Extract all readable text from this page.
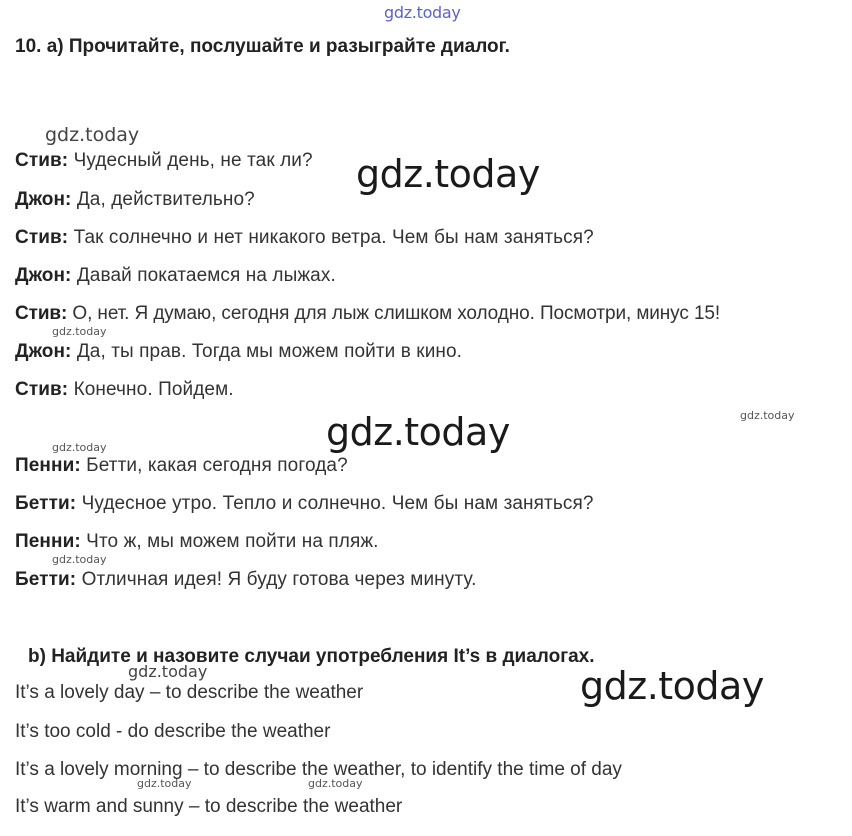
gdz.today
gdz.today
gdz.today
gdz.today
gdz.today	gdz.today
gdz.today
gdz.today
gdz.today	gdz.today
gdz.today	gdz.today
10. a) Прочитайте, послушайте и разыграйте диалог.
Стив: Чудесный день, не так ли?
Джон: Да, действительно?
Стив: Так солнечно и нет никакого ветра. Чем бы нам заняться?
Джон: Давай покатаемся на лыжах.
Стив: О, нет. Я думаю, сегодня для лыж слишком холодно. Посмотри, минус 15!
Джон: Да, ты прав. Тогда мы можем пойти в кино.
Стив: Конечно. Пойдем.
Пенни: Бетти, какая сегодня погода?
Бетти: Чудесное утро. Тепло и солнечно. Чем бы нам заняться?
Пенни: Что ж, мы можем пойти на пляж.
Бетти: Отличная идея! Я буду готова через минуту.
b) Найдите и назовите случаи употребления It’s в диалогах.
It’s a lovely day – to describe the weather
It’s too cold - do describe the weather
It’s a lovely morning – to describe the weather, to identify the time of day
It’s warm and sunny – to describe the weather
